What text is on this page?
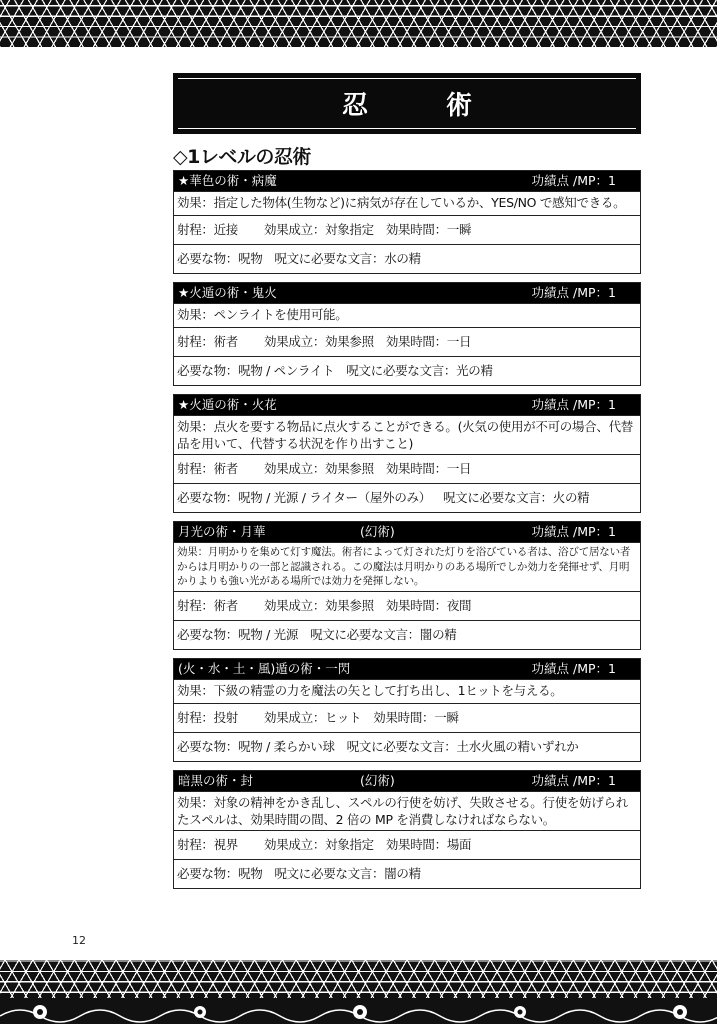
忍　術
◇1レベルの忍術
★華色の術・病魔	功績点 /MP：1
効果：指定した物体(生物など)に病気が存在しているか、YES/NO で感知できる。
射程：近接 効果成立：対象指定 効果時間：一瞬
必要な物：呪物 呪文に必要な文言：水の精
★火遁の術・鬼火	功績点 /MP：1
効果：ペンライトを使用可能。
射程：術者 効果成立：効果参照 効果時間：一日
必要な物：呪物 / ペンライト 呪文に必要な文言：光の精
★火遁の術・火花	功績点 /MP：1
効果：点火を要する物品に点火することができる。(火気の使用が不可の場合、代替品を用いて、代替する状況を作り出すこと)
射程：術者 効果成立：効果参照 効果時間：一日
必要な物：呪物 / 光源 / ライター（屋外のみ） 呪文に必要な文言：火の精
月光の術・月華	(幻術)	功績点 /MP：1
効果：月明かりを集めて灯す魔法。術者によって灯された灯りを浴びている者は、浴びて居ない者からは月明かりの一部と認識される。この魔法は月明かりのある場所でしか効力を発揮せず、月明かりよりも強い光がある場所では効力を発揮しない。
射程：術者 効果成立：効果参照 効果時間：夜間
必要な物：呪物 / 光源 呪文に必要な文言：闇の精
(火・水・土・風)遁の術・一閃	功績点 /MP：1
効果：下級の精霊の力を魔法の矢として打ち出し、1ヒットを与える。
射程：投射 効果成立：ヒット 効果時間：一瞬
必要な物：呪物 / 柔らかい球 呪文に必要な文言：土水火風の精いずれか
暗黒の術・封	(幻術)	功績点 /MP：1
効果：対象の精神をかき乱し、スペルの行使を妨げ、失敗させる。行使を妨げられたスペルは、効果時間の間、2 倍の MP を消費しなければならない。
射程：視界 効果成立：対象指定 効果時間：場面
必要な物：呪物 呪文に必要な文言：闇の精
12
